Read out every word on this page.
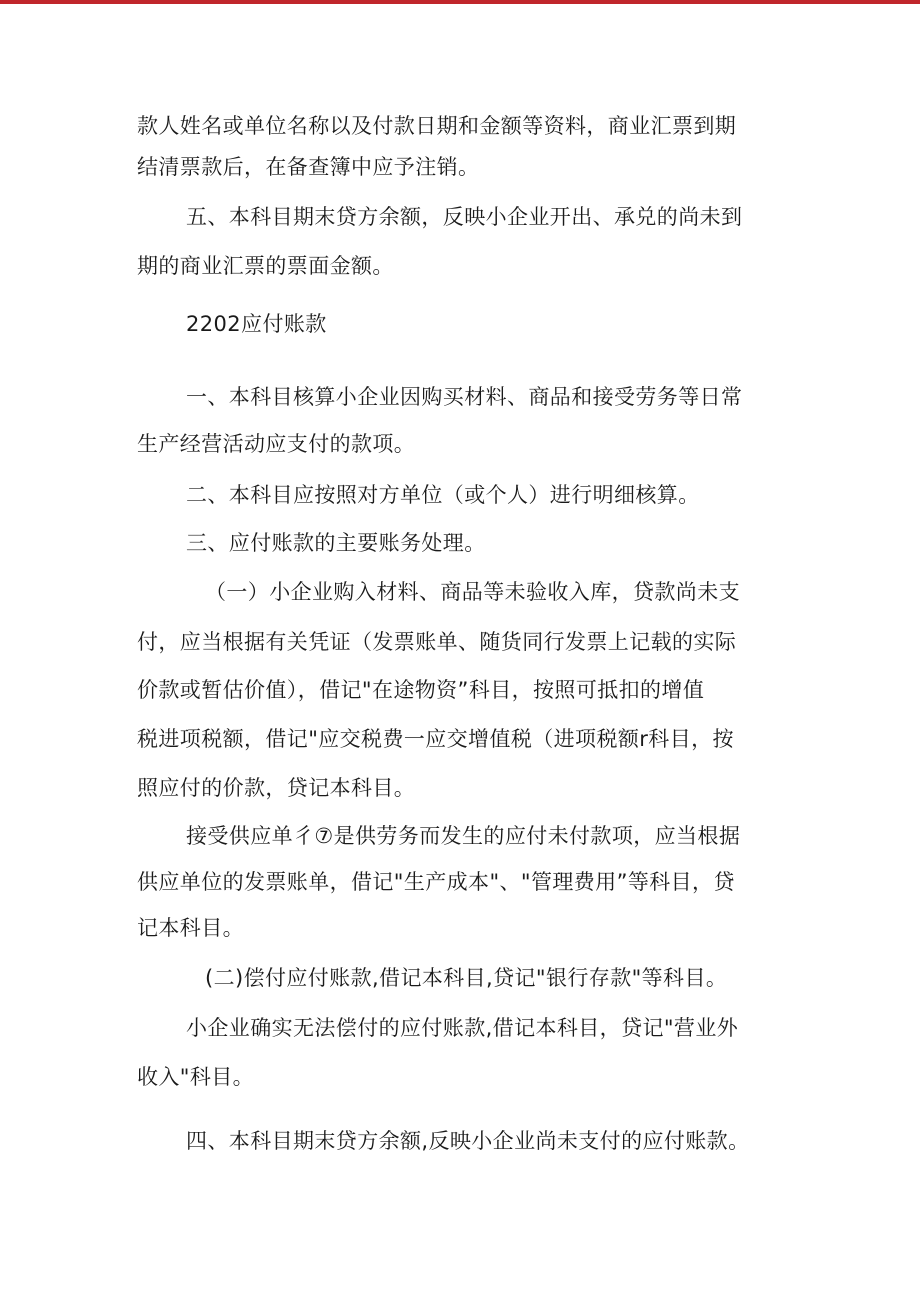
款人姓名或单位名称以及付款日期和金额等资料，商业汇票到期
结清票款后，在备查簿中应予注销。
五、本科目期末贷方余额，反映小企业开出、承兑的尚未到
期的商业汇票的票面金额。
2202应付账款
一、本科目核算小企业因购买材料、商品和接受劳务等日常
生产经营活动应支付的款项。
二、本科目应按照对方单位（或个人）进行明细核算。
三、应付账款的主要账务处理。
（一）小企业购入材料、商品等未验收入库，贷款尚未支
付，应当根据有关凭证（发票账单、随货同行发票上记载的实际
价款或暂估价值），借记"在途物资”科目，按照可抵扣的增值
税进项税额，借记"应交税费一应交增值税（进项税额r科目，按
照应付的价款，贷记本科目。
接受供应单彳⑦是供劳务而发生的应付未付款项，应当根据
供应单位的发票账单，借记"生产成本"、"管理费用”等科目，贷
记本科目。
(二)偿付应付账款,借记本科目,贷记"银行存款"等科目。
小企业确实无法偿付的应付账款,借记本科目，贷记"营业外
收入"科目。
四、本科目期末贷方余额,反映小企业尚未支付的应付账款。
